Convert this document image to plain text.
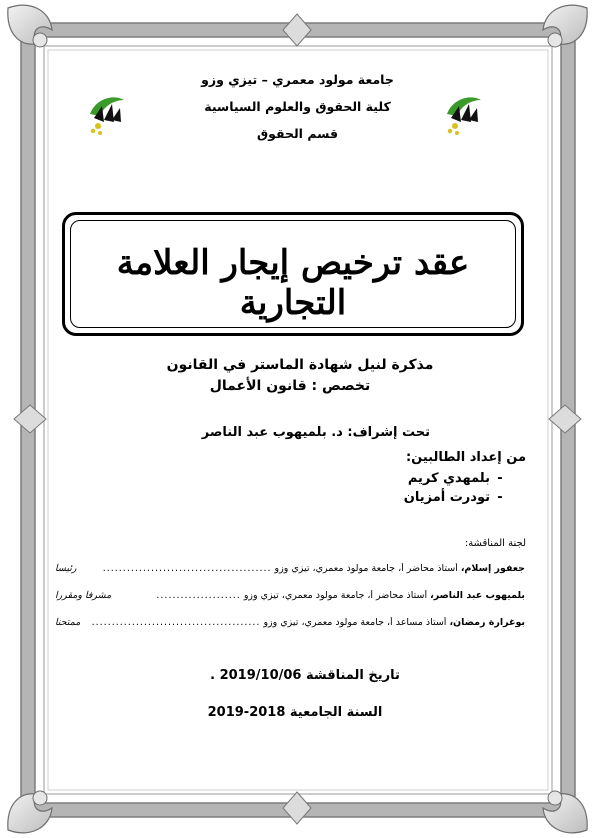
جامعة مولود معمري – تيزي وزو
كلية الحقوق والعلوم السياسية
قسم الحقوق
عقد ترخيص إيجار العلامة التجارية
مذكرة لنيل شهادة الماستر في القانون
تخصص : قانون الأعمال
تحت إشراف: د. بلميهوب عبد الناصر
من إعداد الطالبين:
-بلمهدي كريم
-تودرت أمزيان
لجنة المناقشة:
جعفور إسلام،
أستاذ محاضر أ، جامعة مولود معمري، تيزي وزو
..........................................
رئيسا
بلميهوب عبد الناصر،
أستاذ محاضر أ، جامعة مولود معمري، تيزي وزو
.....................
مشرفا ومقررا
بوغرارة رمضان،
أستاذ مساعد أ، جامعة مولود معمري، تيزي وزو
..........................................
ممتحنا
تاريخ المناقشة 2019/10/06 .
السنة الجامعية 2018-2019
